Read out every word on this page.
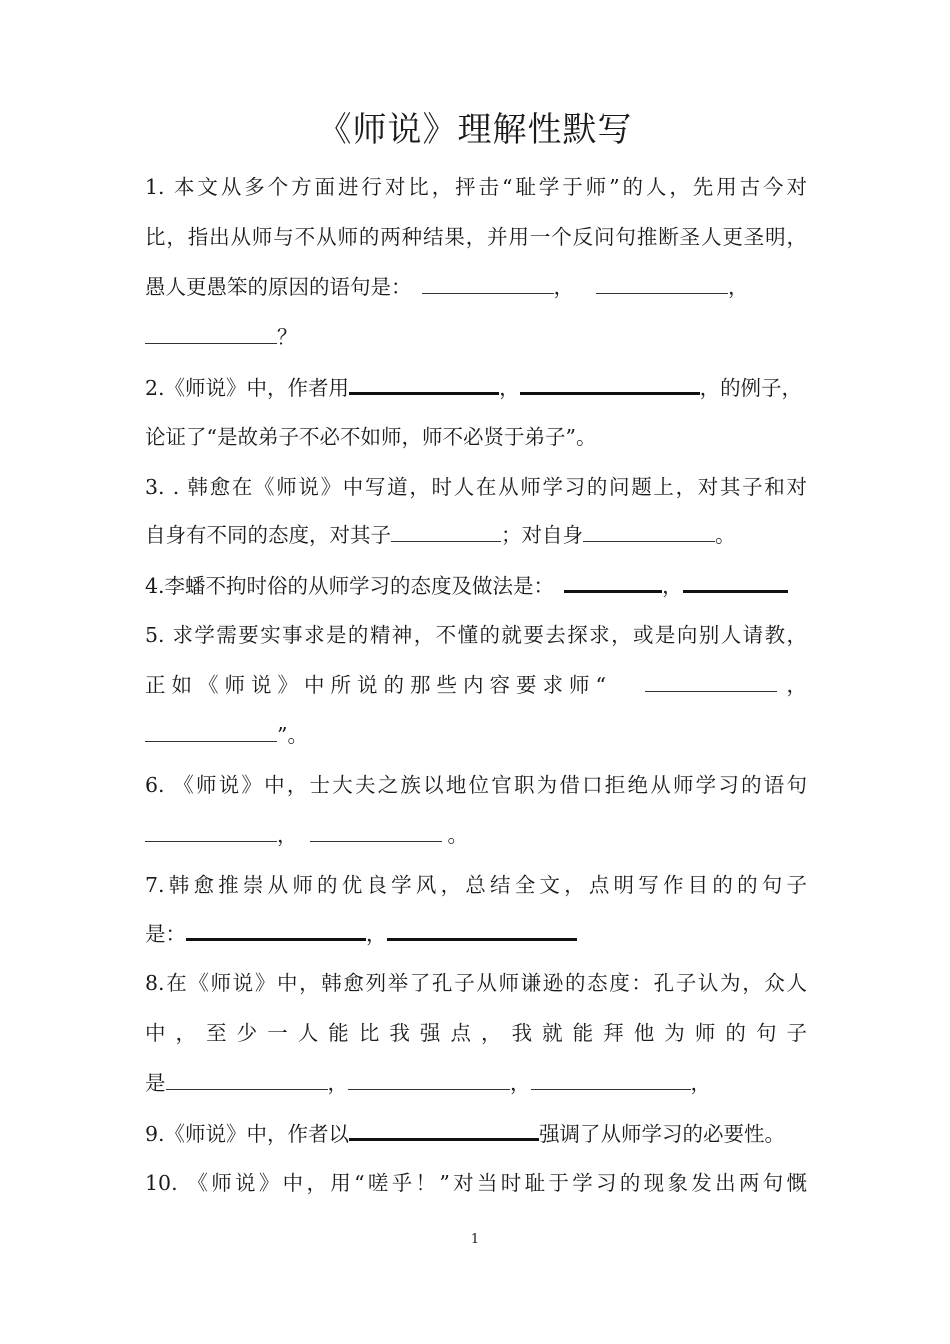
《师说》理解性默写
1. 本文从多个方面进行对比，抨击“耻学于师”的人，先用古今对
比，指出从师与不从师的两种结果，并用一个反问句推断圣人更圣明，
愚人更愚笨的原因的语句是：	，	，
？
2.《师说》中，作者用	，	，的例子，
论证了“是故弟子不必不如师，师不必贤于弟子”。
3. . 韩愈在《师说》中写道，时人在从师学习的问题上，对其子和对
自身有不同的态度，对其子	；对自身	。
4.李蟠不拘时俗的从师学习的态度及做法是：	，
5. 求学需要实事求是的精神，不懂的就要去探求，或是向别人请教，
正如《师说》中所说的那些内容要求师“	，
”。
6. 《师说》中，士大夫之族以地位官职为借口拒绝从师学习的语句
，	。
7.韩愈推崇从师的优良学风，总结全文，点明写作目的的句子
是：	，
8.在《师说》中，韩愈列举了孔子从师谦逊的态度：孔子认为，众人
中，至少一人能比我强点，我就能拜他为师的句子
是	，	，	，
9.《师说》中，作者以	强调了从师学习的必要性。
10. 《师说》中，用“嗟乎！”对当时耻于学习的现象发出两句慨
1
